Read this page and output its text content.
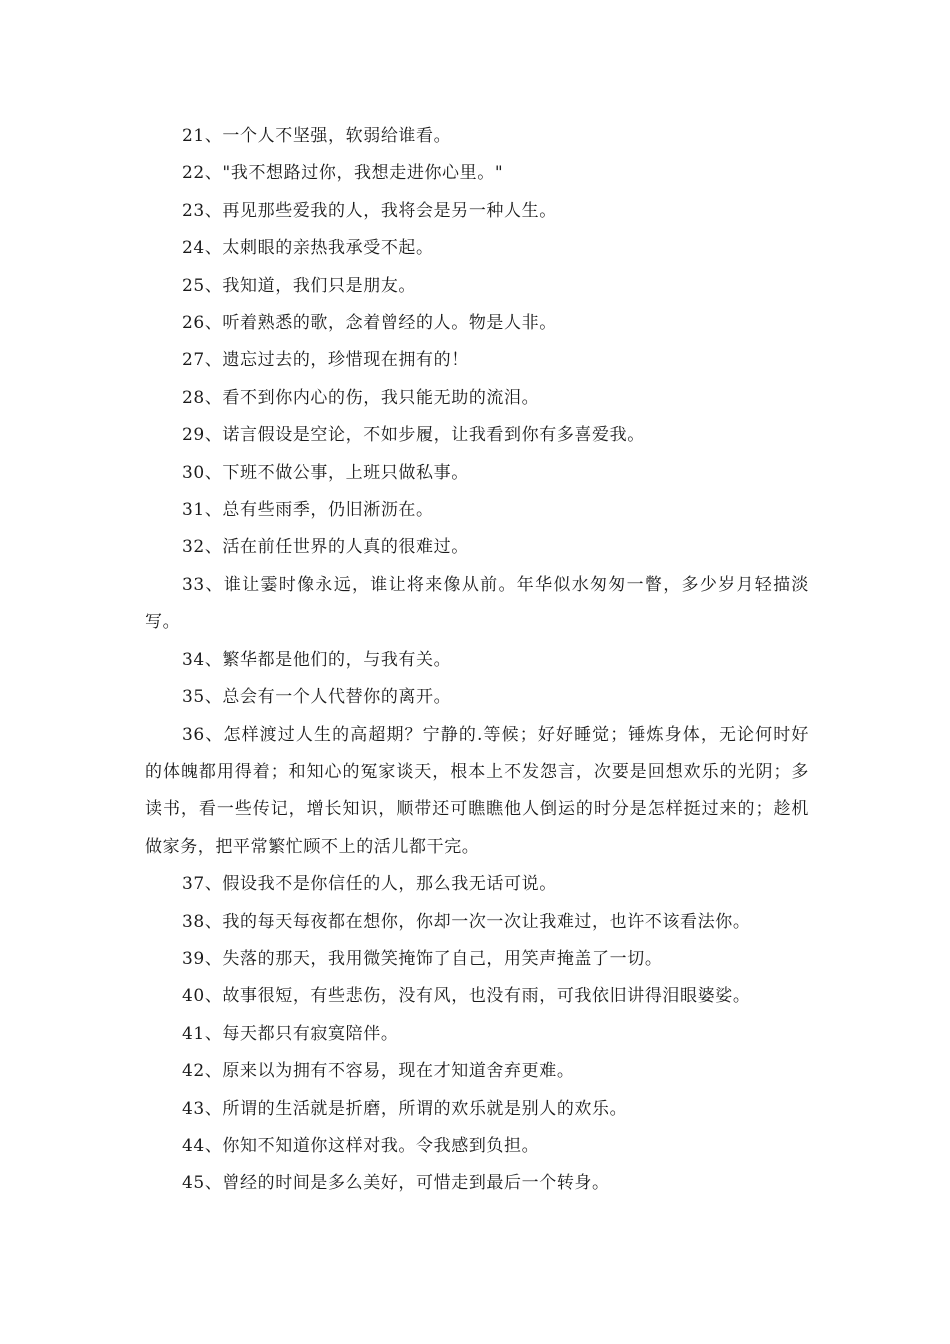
21、一个人不坚强，软弱给谁看。

22、"我不想路过你，我想走进你心里。"

23、再见那些爱我的人，我将会是另一种人生。

24、太刺眼的亲热我承受不起。

25、我知道，我们只是朋友。

26、听着熟悉的歌，念着曾经的人。物是人非。

27、遗忘过去的，珍惜现在拥有的！

28、看不到你内心的伤，我只能无助的流泪。

29、诺言假设是空论，不如步履，让我看到你有多喜爱我。

30、下班不做公事，上班只做私事。

31、总有些雨季，仍旧淅沥在。

32、活在前任世界的人真的很难过。

33、谁让霎时像永远，谁让将来像从前。年华似水匆匆一瞥，多少岁月轻描淡写。

34、繁华都是他们的，与我有关。

35、总会有一个人代替你的离开。

36、怎样渡过人生的高超期？宁静的.等候；好好睡觉；锤炼身体，无论何时好的体魄都用得着；和知心的冤家谈天，根本上不发怨言，次要是回想欢乐的光阴；多读书，看一些传记，增长知识，顺带还可瞧瞧他人倒运的时分是怎样挺过来的；趁机做家务，把平常繁忙顾不上的活儿都干完。

37、假设我不是你信任的人，那么我无话可说。

38、我的每天每夜都在想你，你却一次一次让我难过，也许不该看法你。

39、失落的那天，我用微笑掩饰了自己，用笑声掩盖了一切。

40、故事很短，有些悲伤，没有风，也没有雨，可我依旧讲得泪眼婆娑。

41、每天都只有寂寞陪伴。

42、原来以为拥有不容易，现在才知道舍弃更难。

43、所谓的生活就是折磨，所谓的欢乐就是别人的欢乐。

44、你知不知道你这样对我。令我感到负担。

45、曾经的时间是多么美好，可惜走到最后一个转身。
